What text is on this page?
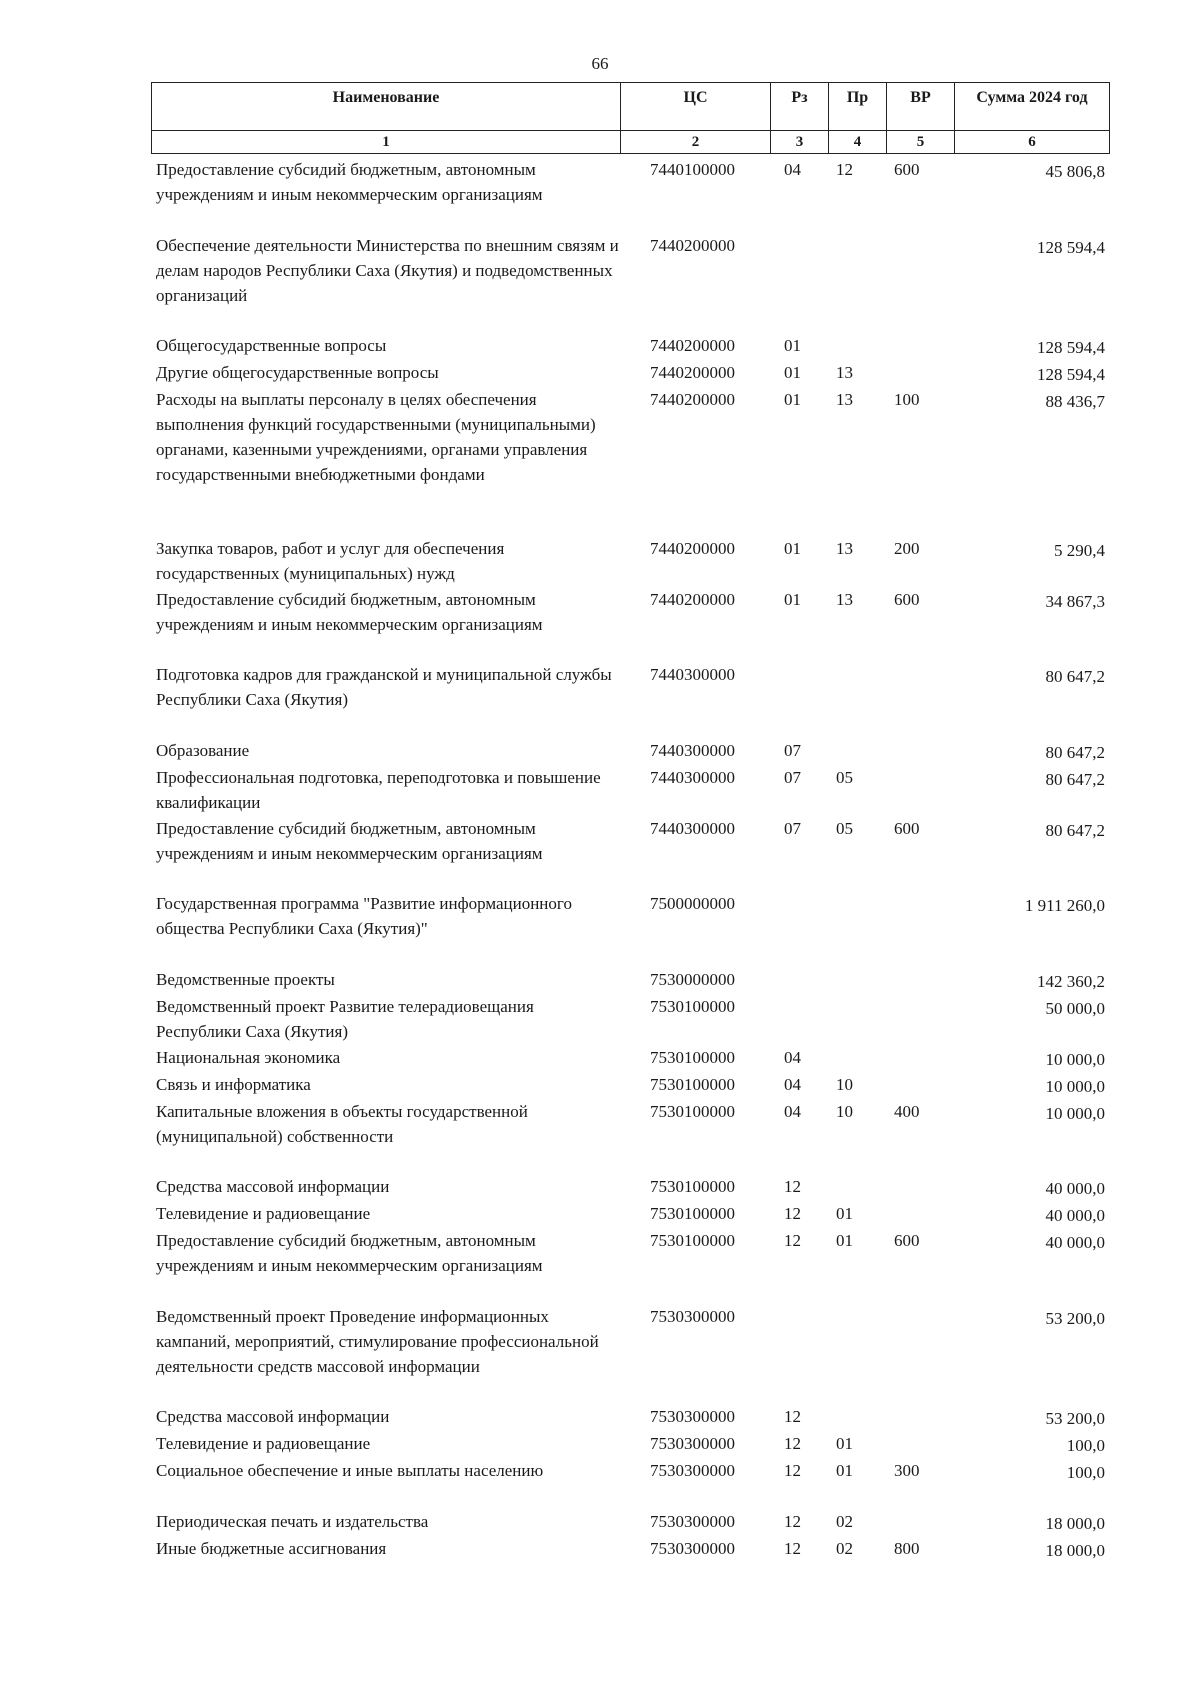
66
Наименование	ЦС	Рз	Пр	ВР	Сумма 2024 год
1	2	3	4	5	6
Предоставление субсидий бюджетным, автономным учреждениям и иным некоммерческим организациям	7440100000	04	12	600	45 806,8
Обеспечение деятельности Министерства по внешним связям и делам народов Республики Саха (Якутия) и подведомственных организаций	7440200000				128 594,4
Общегосударственные вопросы	7440200000	01			128 594,4
Другие общегосударственные вопросы	7440200000	01	13		128 594,4
Расходы на выплаты персоналу в целях обеспечения выполнения функций государственными (муниципальными) органами, казенными учреждениями, органами управления государственными внебюджетными фондами	7440200000	01	13	100	88 436,7
Закупка товаров, работ и услуг для обеспечения государственных (муниципальных) нужд	7440200000	01	13	200	5 290,4
Предоставление субсидий бюджетным, автономным учреждениям и иным некоммерческим организациям	7440200000	01	13	600	34 867,3
Подготовка кадров для гражданской и муниципальной службы Республики Саха (Якутия)	7440300000				80 647,2
Образование	7440300000	07			80 647,2
Профессиональная подготовка, переподготовка и повышение квалификации	7440300000	07	05		80 647,2
Предоставление субсидий бюджетным, автономным учреждениям и иным некоммерческим организациям	7440300000	07	05	600	80 647,2
Государственная программа "Развитие информационного общества Республики Саха (Якутия)"	7500000000				1 911 260,0
Ведомственные проекты	7530000000				142 360,2
Ведомственный проект Развитие телерадиовещания Республики Саха (Якутия)	7530100000				50 000,0
Национальная экономика	7530100000	04			10 000,0
Связь и информатика	7530100000	04	10		10 000,0
Капитальные вложения в объекты государственной (муниципальной) собственности	7530100000	04	10	400	10 000,0
Средства массовой информации	7530100000	12			40 000,0
Телевидение и радиовещание	7530100000	12	01		40 000,0
Предоставление субсидий бюджетным, автономным учреждениям и иным некоммерческим организациям	7530100000	12	01	600	40 000,0
Ведомственный проект Проведение информационных кампаний, мероприятий, стимулирование профессиональной деятельности средств массовой информации	7530300000				53 200,0
Средства массовой информации	7530300000	12			53 200,0
Телевидение и радиовещание	7530300000	12	01		100,0
Социальное обеспечение и иные выплаты населению	7530300000	12	01	300	100,0
Периодическая печать и издательства	7530300000	12	02		18 000,0
Иные бюджетные ассигнования	7530300000	12	02	800	18 000,0
